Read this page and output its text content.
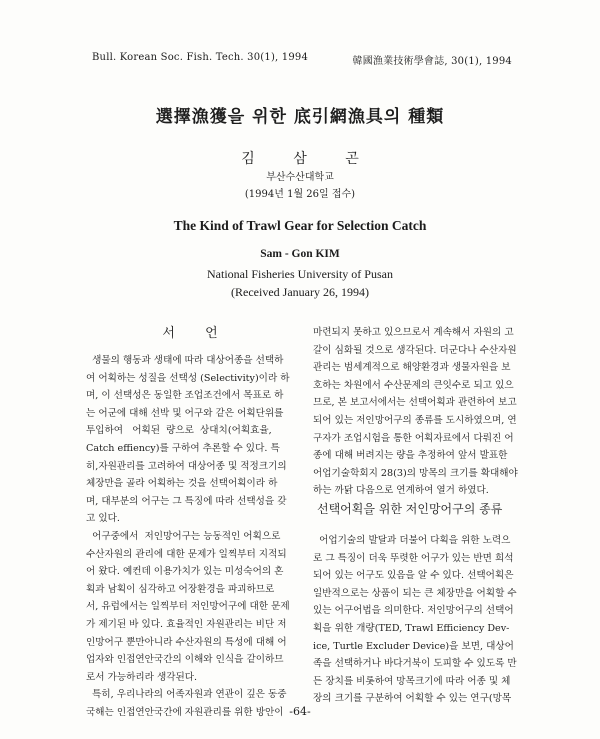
Bull. Korean Soc. Fish. Tech. 30(1), 1994	韓國漁業技術學會誌, 30(1), 1994
選擇漁獲을 위한 底引網漁具의 種類
김 삼 곤
부산수산대학교
(1994년 1월 26일 접수)
The Kind of Trawl Gear for Selection Catch
Sam - Gon KIM
National Fisheries University of Pusan
(Received January 26, 1994)
서 언

생물의 행동과 생태에 따라 대상어종을 선택하

여 어획하는 성질을 선택성 (Selectivity)이라 하

며, 이 선택성은 동일한 조업조건에서 목표로 하

는 어군에 대해 선박 및 어구와 같은 어획단위를

투입하여   어획된  량으로  상대치(어획효율,

Catch effiency)를 구하여 추론할 수 있다. 특

히,자원관리를 고려하여 대상어종 및 적정크기의

체장만을 골라 어획하는 것을 선택어획이라 하

며, 대부분의 어구는 그 특징에 따라 선택성을 갖

고 있다.

어구중에서  저인망어구는 능동적인 어획으로

수산자원의 관리에 대한 문제가 일찍부터 지적되

어 왔다. 예컨데 이용가치가 있는 미성숙어의 혼

획과 남획이 심각하고 어장환경을 파괴하므로

서, 유럽에서는 일찍부터 저인망어구에 대한 문제

가 제기된 바 있다. 효율적인 자원관리는 비단 저

인망어구 뿐만아니라 수산자원의 특성에 대해 어

업자와 인접연안국간의 이해와 인식을 같이하므

로서 가능하리라 생각된다.

특히, 우리나라의 어족자원과 연관이 깊은 동중

국해는 인접연안국간에 자원관리를 위한 방안이

마련되지 못하고 있으므로서 계속해서 자원의 고

갈이 심화될 것으로 생각된다. 더군다나 수산자원

관리는 범세계적으로 해양환경과 생물자원을 보

호하는 차원에서 수산문제의 큰잇수로 되고 있으

므로, 본 보고서에서는 선택어획과 관련하여 보고

되어 있는 저인망어구의 종류를 도시하였으며, 연

구자가 조업시험을 통한 어획자료에서 다뤄진 어

종에 대해 버려지는 량을 추정하여 앞서 발표한

어업기술학회지 28(3)의 망목의 크기를 확대해야

하는 까닭 다음으로 연계하여 열거 하였다.

선택어획을 위한 저인망어구의 종류

어업기술의 발달과 더불어 다획을 위한 노력으

로 그 특징이 더욱 뚜렷한 어구가 있는 반면 희석

되어 있는 어구도 있음을 알 수 있다. 선택어획은

일반적으로는 상품이 되는 큰 체장만을 어획할 수

있는 어구어법을 의미한다. 저인망어구의 선택어

획을 위한 개량(TED, Trawl Efficiency Dev-

ice, Turtle Excluder Device)을 보면, 대상어

족을 선택하거나 바다거북이 도피할 수 있도록 만

든 장치를 비롯하여 망목크기에 따라 어종 및 체

장의 크기를 구분하여 어획할 수 있는 연구(망목

-64-
